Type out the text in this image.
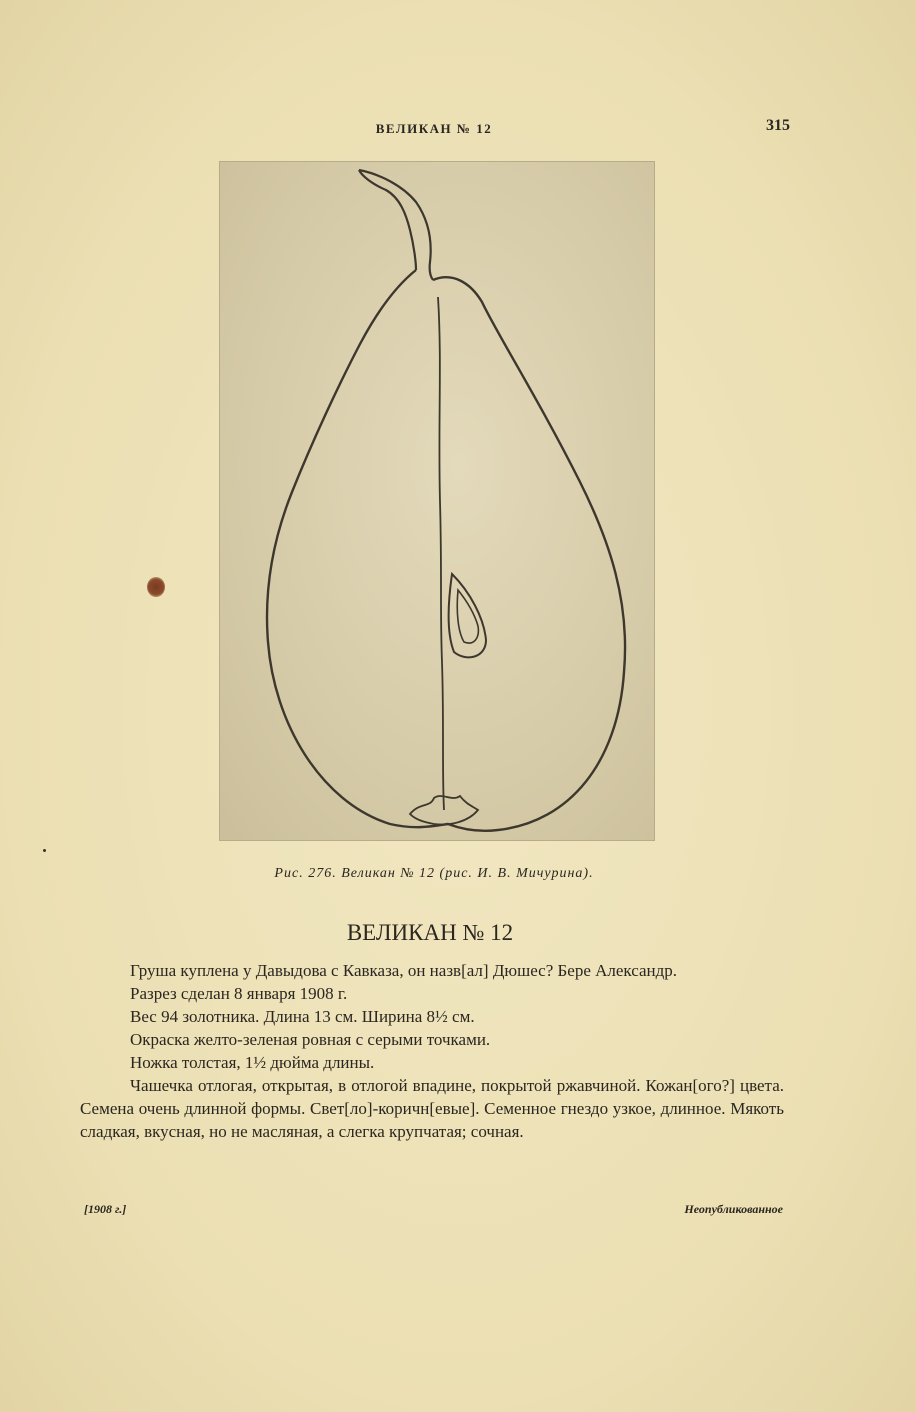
ВЕЛИКАН № 12	315
Рис. 276. Великан № 12 (рис. И. В. Мичурина).
ВЕЛИКАН № 12

Груша куплена у Давыдова с Кавказа, он назв[ал] Дюшес? Бере Александр.

Разрез сделан 8 января 1908 г.

Вес 94 золотника. Длина 13 см. Ширина 8½ см.

Окраска желто-зеленая ровная с серыми точками.

Ножка толстая, 1½ дюйма длины.

Чашечка отлогая, открытая, в отлогой впадине, покрытой ржавчиной. Кожан[ого?] цвета. Семена очень длинной формы. Свет[ло]-коричн[евые]. Семенное гнездо узкое, длинное. Мякоть сладкая, вкусная, но не масляная, а слегка крупчатая; сочная.

[1908 г.]	Неопубликованное
